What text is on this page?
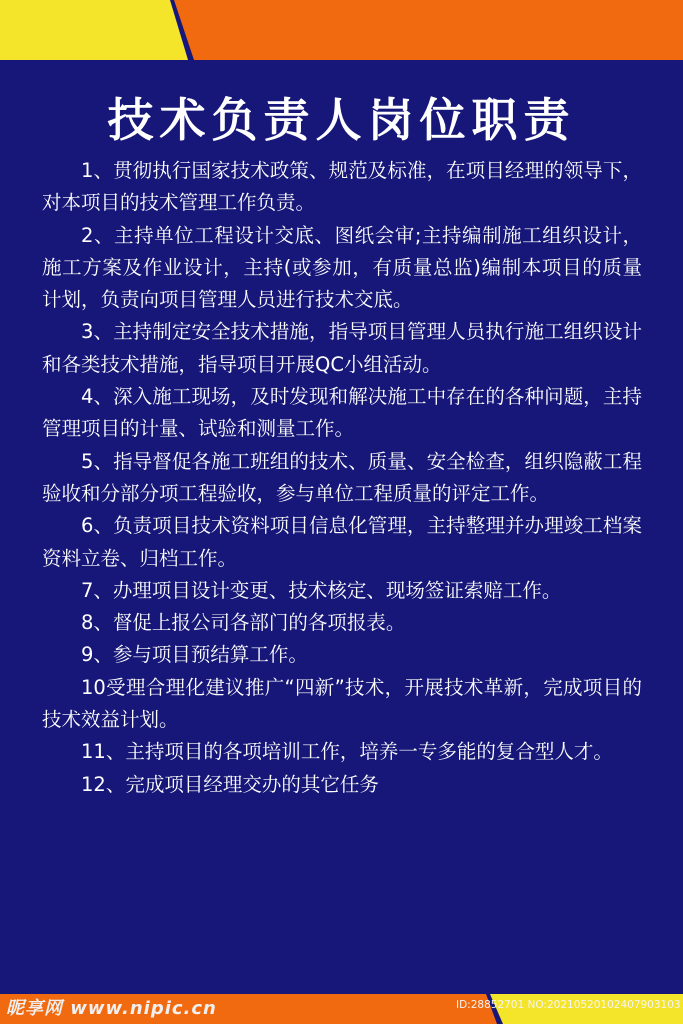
技术负责人岗位职责

1、贯彻执行国家技术政策、规范及标准，在项目经理的领导下，对本项目的技术管理工作负责。

2、主持单位工程设计交底、图纸会审;主持编制施工组织设计，施工方案及作业设计，主持(或参加，有质量总监)编制本项目的质量计划，负责向项目管理人员进行技术交底。

3、主持制定安全技术措施，指导项目管理人员执行施工组织设计和各类技术措施，指导项目开展QC小组活动。

4、深入施工现场，及时发现和解决施工中存在的各种问题，主持管理项目的计量、试验和测量工作。

5、指导督促各施工班组的技术、质量、安全检查，组织隐蔽工程验收和分部分项工程验收，参与单位工程质量的评定工作。

6、负责项目技术资料项目信息化管理，主持整理并办理竣工档案资料立卷、归档工作。

7、办理项目设计变更、技术核定、现场签证索赔工作。

8、督促上报公司各部门的各项报表。

9、参与项目预结算工作。

10受理合理化建议推广“四新”技术，开展技术革新，完成项目的技术效益计划。

11、主持项目的各项培训工作，培养一专多能的复合型人才。

12、完成项目经理交办的其它任务

昵享网 www.nipic.cn	ID:28852701 NO:20210520102407903103
